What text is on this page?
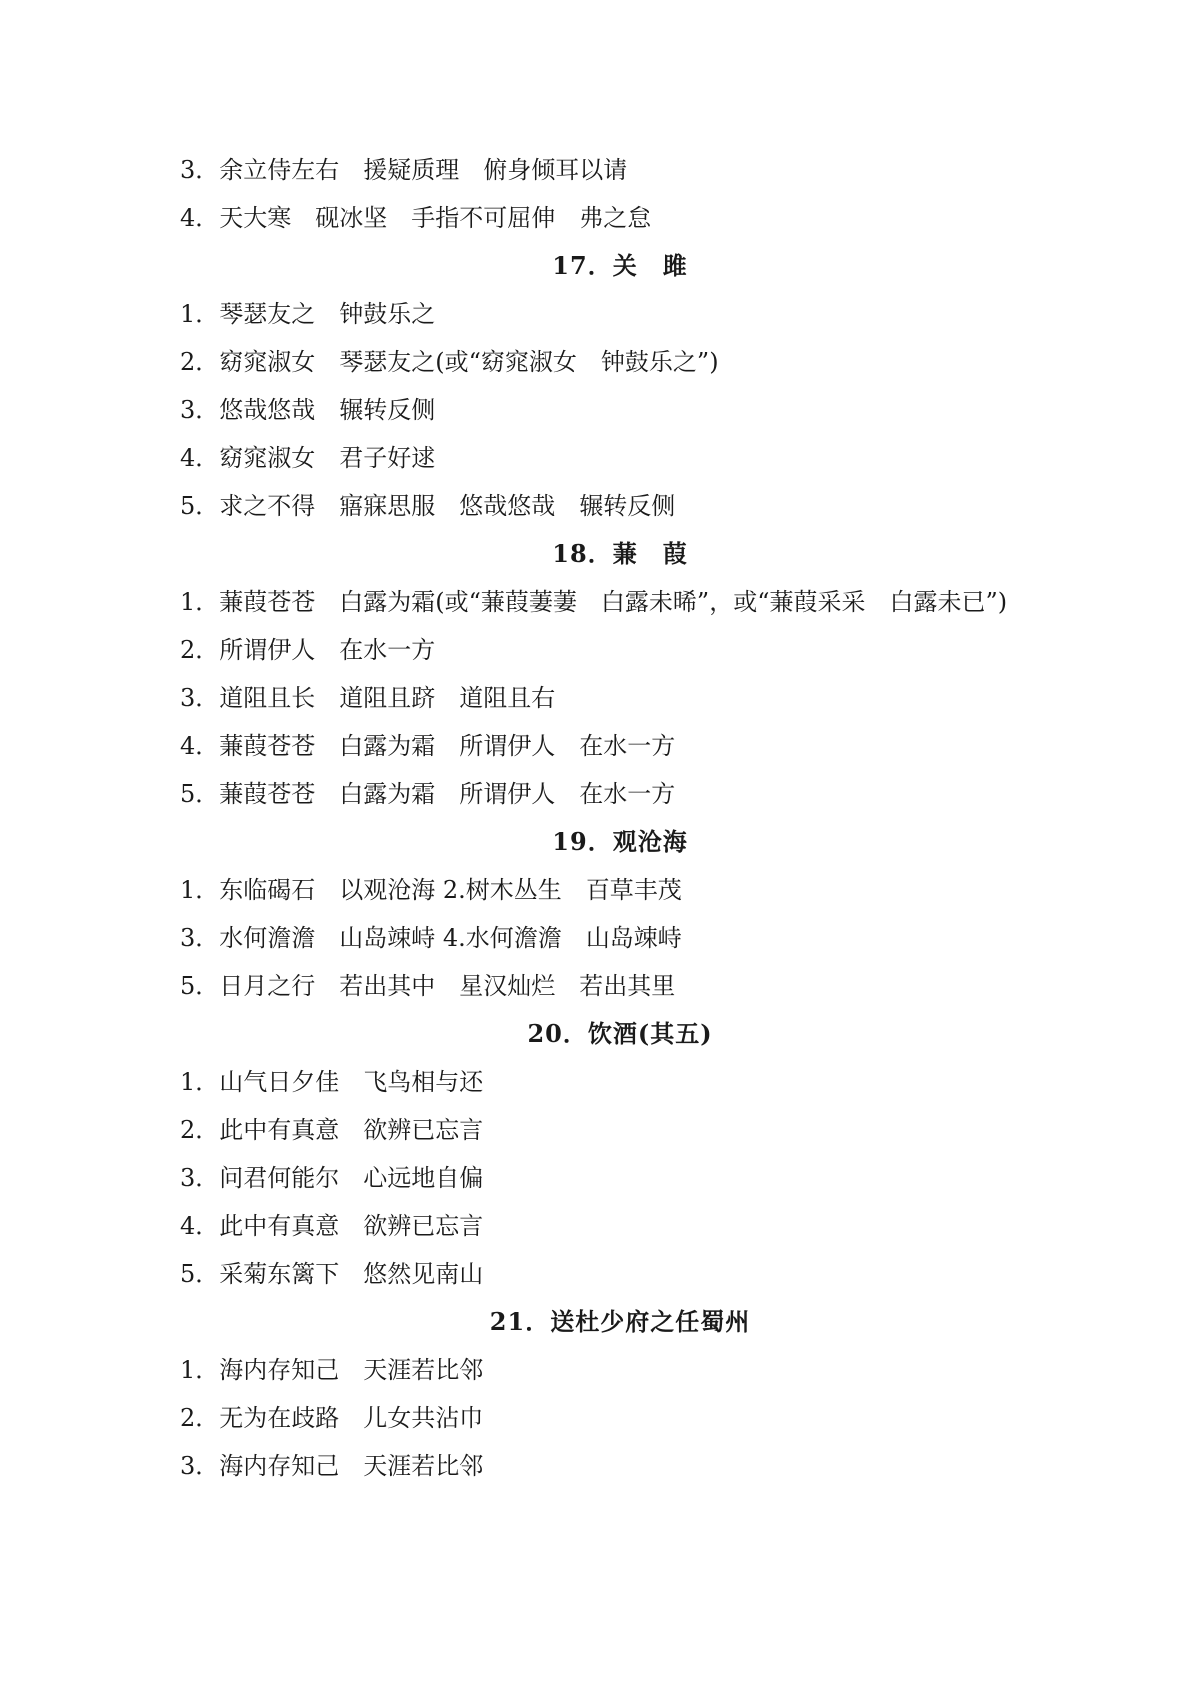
3．余立侍左右 援疑质理 俯身倾耳以请
4．天大寒 砚冰坚 手指不可屈伸 弗之怠
17．关　雎
1．琴瑟友之 钟鼓乐之
2．窈窕淑女 琴瑟友之(或“窈窕淑女 钟鼓乐之”)
3．悠哉悠哉 辗转反侧
4．窈窕淑女 君子好逑
5．求之不得 寤寐思服 悠哉悠哉 辗转反侧
18．蒹　葭
1．蒹葭苍苍 白露为霜(或“蒹葭萋萋 白露未晞”，或“蒹葭采采 白露未已”)
2．所谓伊人 在水一方
3．道阻且长 道阻且跻 道阻且右
4．蒹葭苍苍 白露为霜 所谓伊人 在水一方
5．蒹葭苍苍 白露为霜 所谓伊人 在水一方
19．观沧海
1．东临碣石 以观沧海 2.树木丛生 百草丰茂
3．水何澹澹 山岛竦峙 4.水何澹澹 山岛竦峙
5．日月之行 若出其中 星汉灿烂 若出其里
20．饮酒(其五)
1．山气日夕佳 飞鸟相与还
2．此中有真意 欲辨已忘言
3．问君何能尔 心远地自偏
4．此中有真意 欲辨已忘言
5．采菊东篱下 悠然见南山
21．送杜少府之任蜀州
1．海内存知己 天涯若比邻
2．无为在歧路 儿女共沾巾
3．海内存知己 天涯若比邻
